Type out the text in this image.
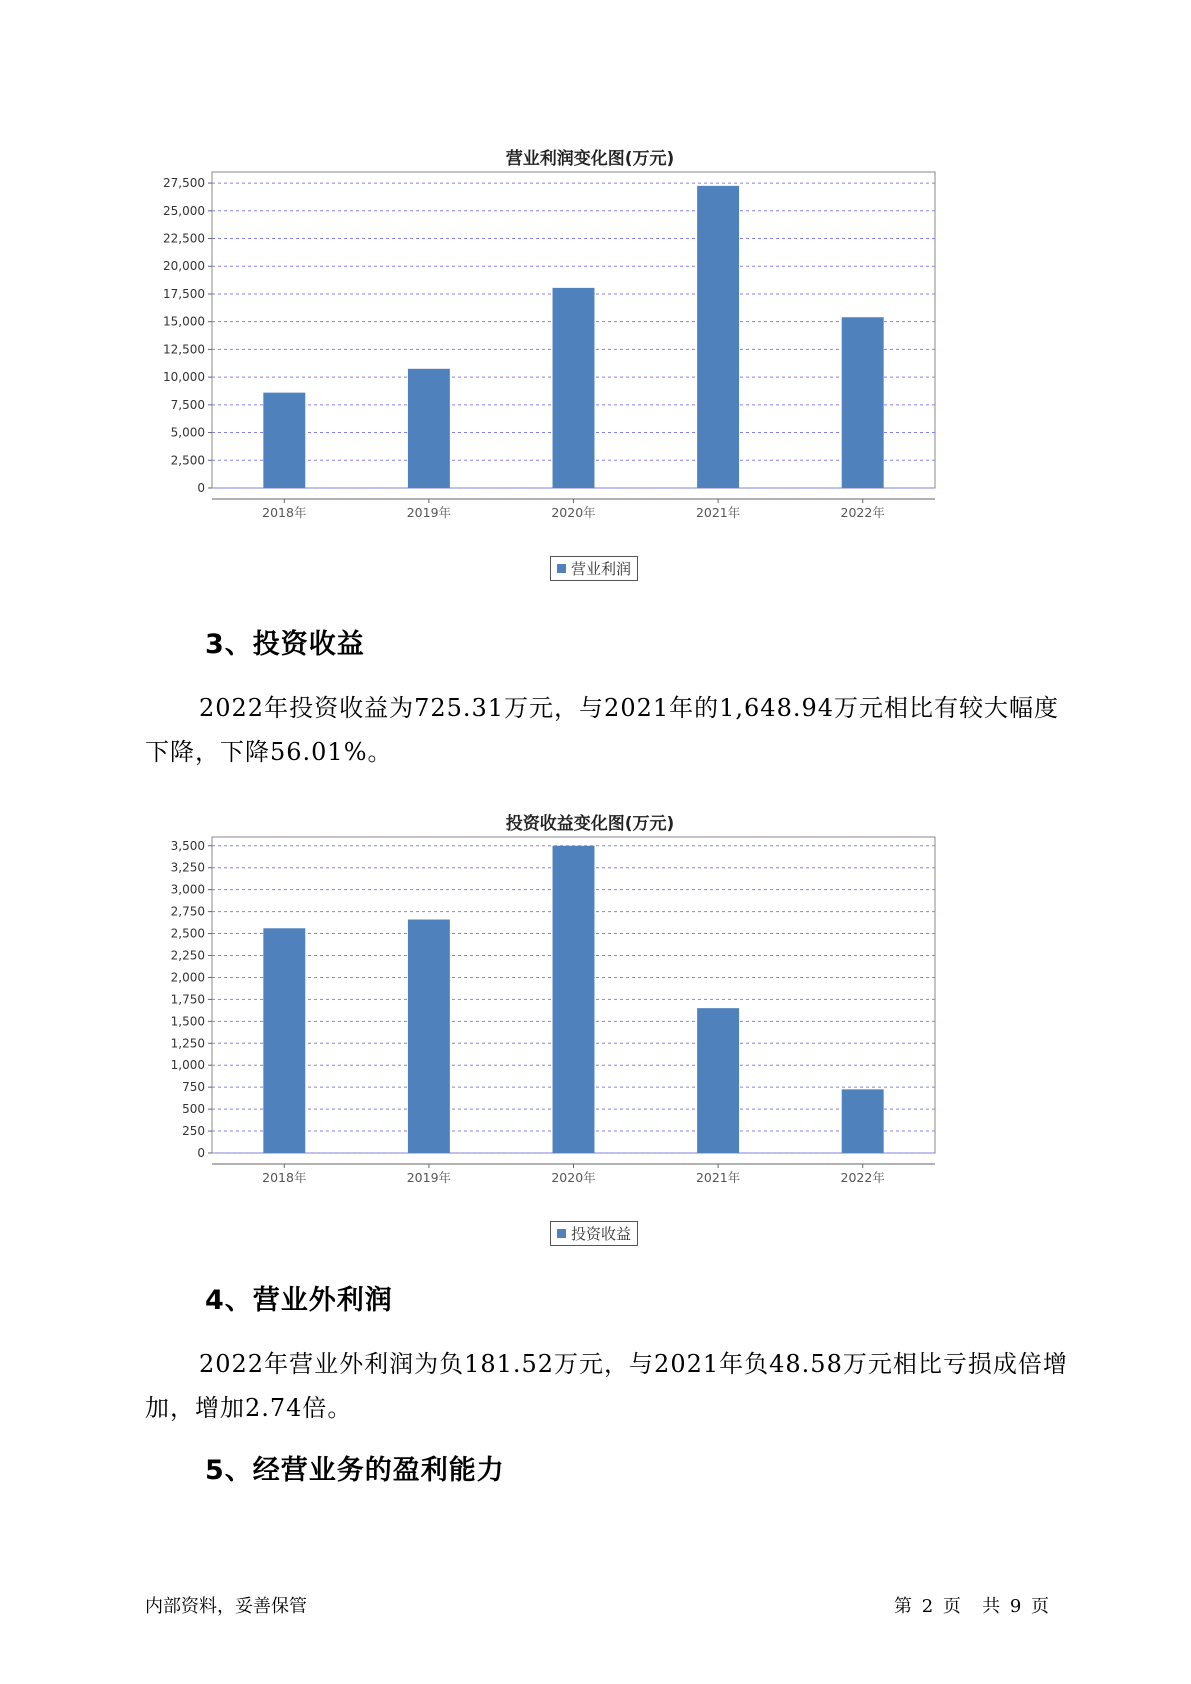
营业利润变化图(万元)
0
2,500
5,000
7,500
10,000
12,500
15,000
17,500
20,000
22,500
25,000
27,500
2018年	2019年	2020年	2021年	2022年
营业利润
3、投资收益

2022年投资收益为725.31万元，与2021年的1,648.94万元相比有较大幅度下降，下降56.01%。

投资收益变化图(万元)
0
250
500
750
1,000
1,250
1,500
1,750
2,000
2,250
2,500
2,750
3,000
3,250
3,500
2018年	2019年	2020年	2021年	2022年
投资收益
4、营业外利润

2022年营业外利润为负181.52万元，与2021年负48.58万元相比亏损成倍增加，增加2.74倍。

5、经营业务的盈利能力
内部资料，妥善保管	第 2 页 共 9 页
